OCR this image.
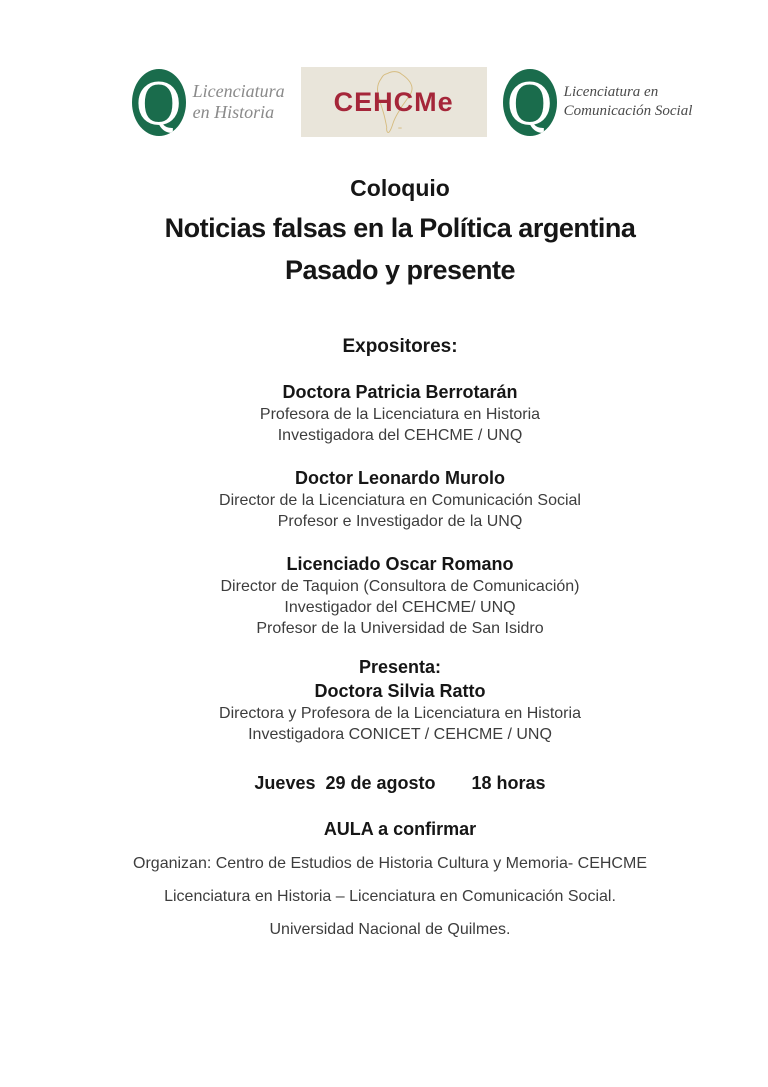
Q Licenciatura
en Historia	CEHCMe Q Licenciatura en
Comunicación Social

Coloquio

Noticias falsas en la Política argentina
Pasado y presente

Expositores:

Doctora Patricia Berrotarán

Profesora de la Licenciatura en Historia

Investigadora del CEHCME / UNQ

Doctor Leonardo Murolo

Director de la Licenciatura en Comunicación Social

Profesor e Investigador de la UNQ

Licenciado Oscar Romano

Director de Taquion (Consultora de Comunicación)

Investigador del CEHCME/ UNQ

Profesor de la Universidad de San Isidro

Presenta:

Doctora Silvia Ratto

Directora y Profesora de la Licenciatura en Historia

Investigadora CONICET / CEHCME / UNQ

Jueves  29 de agosto 18 horas

AULA a confirmar

Organizan: Centro de Estudios de Historia Cultura y Memoria- CEHCME

Licenciatura en Historia – Licenciatura en Comunicación Social.

Universidad Nacional de Quilmes.
